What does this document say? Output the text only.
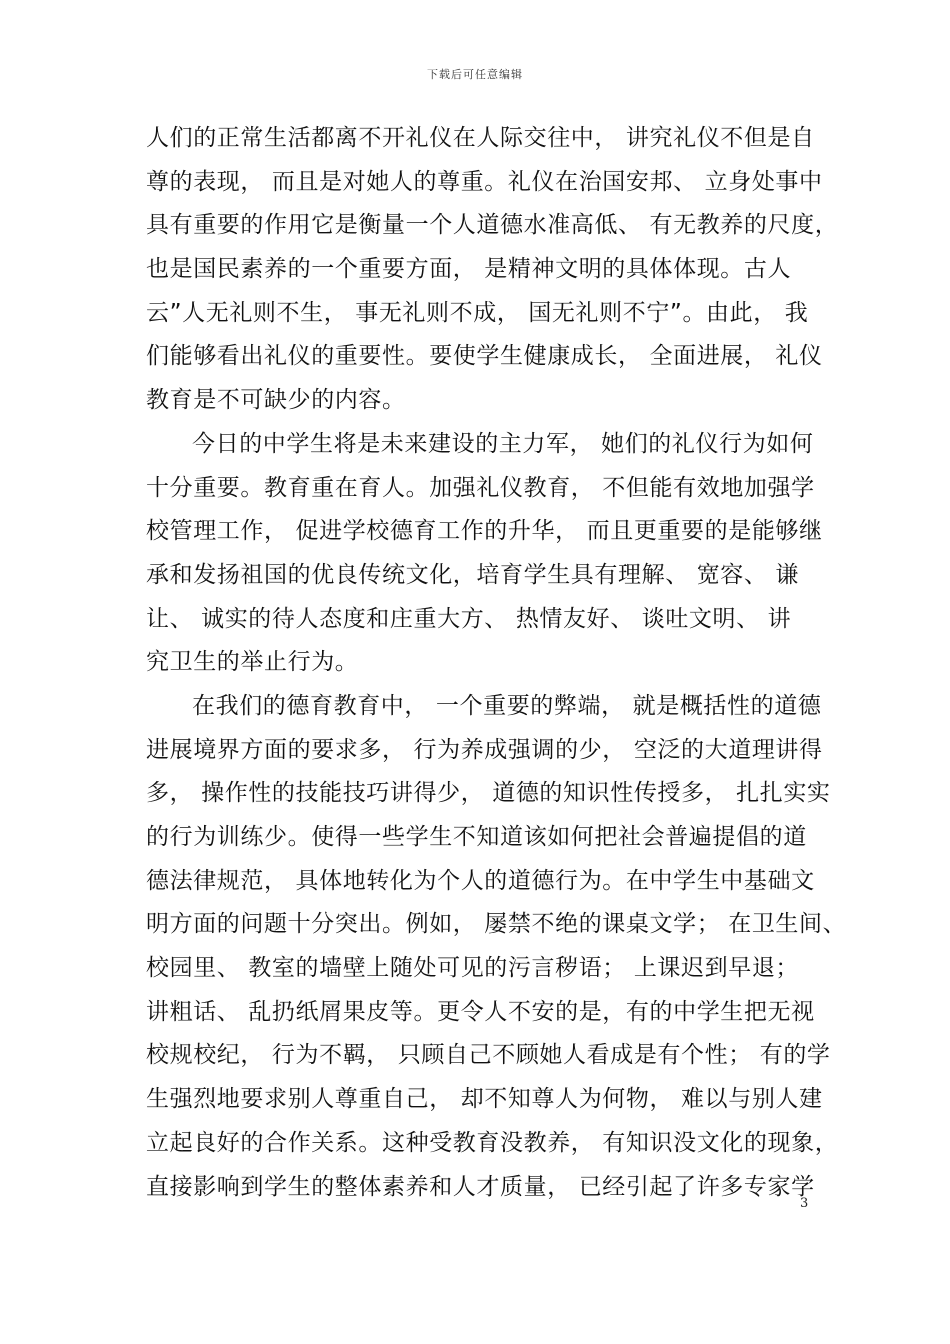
下载后可任意编辑
人们的正常生活都离不开礼仪在人际交往中， 讲究礼仪不但是自
尊的表现， 而且是对她人的尊重。礼仪在治国安邦、 立身处事中
具有重要的作用它是衡量一个人道德水准高低、 有无教养的尺度，
也是国民素养的一个重要方面， 是精神文明的具体体现。古人
云”人无礼则不生， 事无礼则不成， 国无礼则不宁”。由此， 我
们能够看出礼仪的重要性。要使学生健康成长， 全面进展， 礼仪
教育是不可缺少的内容。
今日的中学生将是未来建设的主力军， 她们的礼仪行为如何
十分重要。教育重在育人。加强礼仪教育， 不但能有效地加强学
校管理工作， 促进学校德育工作的升华， 而且更重要的是能够继
承和发扬祖国的优良传统文化，培育学生具有理解、 宽容、 谦
让、 诚实的待人态度和庄重大方、 热情友好、 谈吐文明、 讲
究卫生的举止行为。
在我们的德育教育中， 一个重要的弊端， 就是概括性的道德
进展境界方面的要求多， 行为养成强调的少， 空泛的大道理讲得
多， 操作性的技能技巧讲得少， 道德的知识性传授多， 扎扎实实
的行为训练少。使得一些学生不知道该如何把社会普遍提倡的道
德法律规范， 具体地转化为个人的道德行为。在中学生中基础文
明方面的问题十分突出。例如， 屡禁不绝的课桌文学； 在卫生间、
校园里、 教室的墙壁上随处可见的污言秽语； 上课迟到早退；
讲粗话、 乱扔纸屑果皮等。更令人不安的是，有的中学生把无视
校规校纪， 行为不羁， 只顾自己不顾她人看成是有个性； 有的学
生强烈地要求别人尊重自己， 却不知尊人为何物， 难以与别人建
立起良好的合作关系。这种受教育没教养， 有知识没文化的现象，
直接影响到学生的整体素养和人才质量， 已经引起了许多专家学
3
